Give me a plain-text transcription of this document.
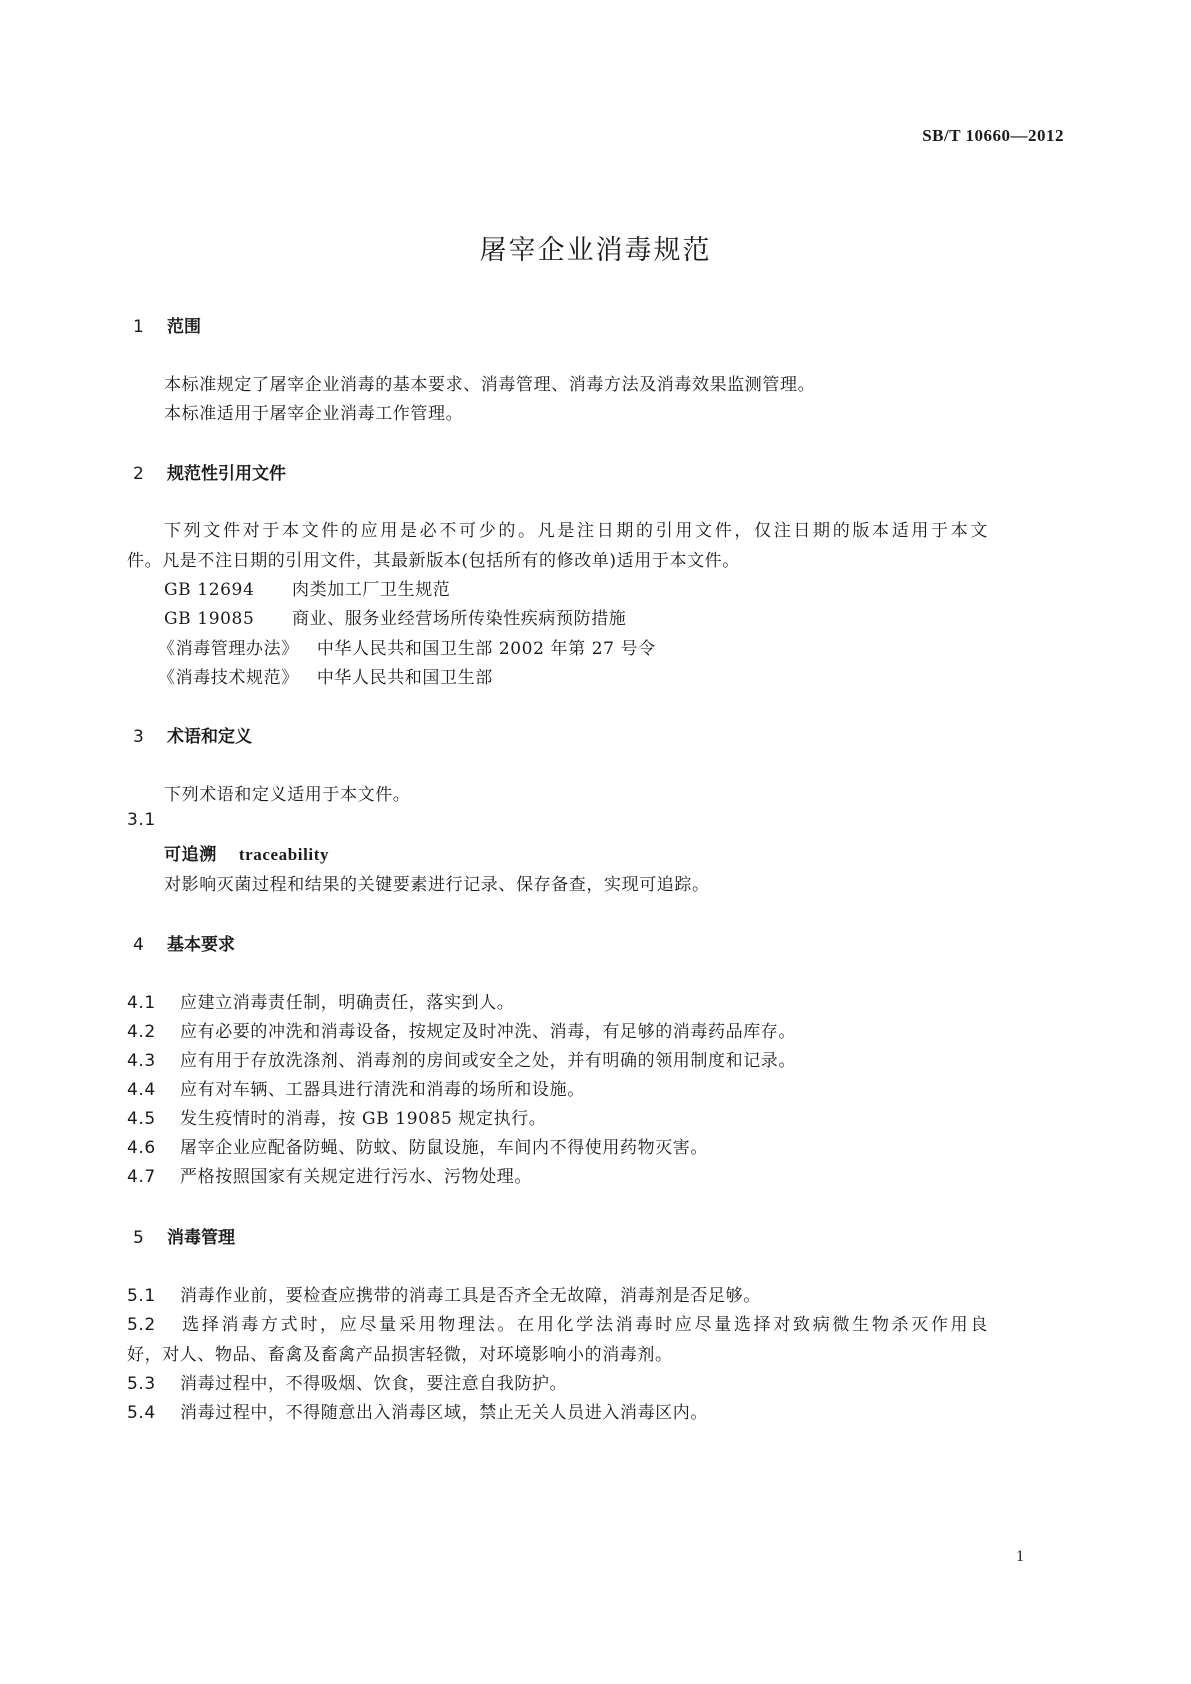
SB/T 10660—2012
屠宰企业消毒规范
1 范围
本标准规定了屠宰企业消毒的基本要求、消毒管理、消毒方法及消毒效果监测管理。
本标准适用于屠宰企业消毒工作管理。
2 规范性引用文件
下列文件对于本文件的应用是必不可少的。凡是注日期的引用文件，仅注日期的版本适用于本文
件。凡是不注日期的引用文件，其最新版本(包括所有的修改单)适用于本文件。
GB 12694 肉类加工厂卫生规范
GB 19085 商业、服务业经营场所传染性疾病预防措施
《消毒管理办法》 中华人民共和国卫生部 2002 年第 27 号令
《消毒技术规范》 中华人民共和国卫生部
3 术语和定义
下列术语和定义适用于本文件。
3.1
可追溯 traceability
对影响灭菌过程和结果的关键要素进行记录、保存备查，实现可追踪。
4 基本要求
4.1 应建立消毒责任制，明确责任，落实到人。
4.2 应有必要的冲洗和消毒设备，按规定及时冲洗、消毒，有足够的消毒药品库存。
4.3 应有用于存放洗涤剂、消毒剂的房间或安全之处，并有明确的领用制度和记录。
4.4 应有对车辆、工器具进行清洗和消毒的场所和设施。
4.5 发生疫情时的消毒，按 GB 19085 规定执行。
4.6 屠宰企业应配备防蝇、防蚊、防鼠设施，车间内不得使用药物灭害。
4.7 严格按照国家有关规定进行污水、污物处理。
5 消毒管理
5.1 消毒作业前，要检查应携带的消毒工具是否齐全无故障，消毒剂是否足够。
5.2 选择消毒方式时，应尽量采用物理法。在用化学法消毒时应尽量选择对致病微生物杀灭作用良
好，对人、物品、畜禽及畜禽产品损害轻微，对环境影响小的消毒剂。
5.3 消毒过程中，不得吸烟、饮食，要注意自我防护。
5.4 消毒过程中，不得随意出入消毒区域，禁止无关人员进入消毒区内。
1
